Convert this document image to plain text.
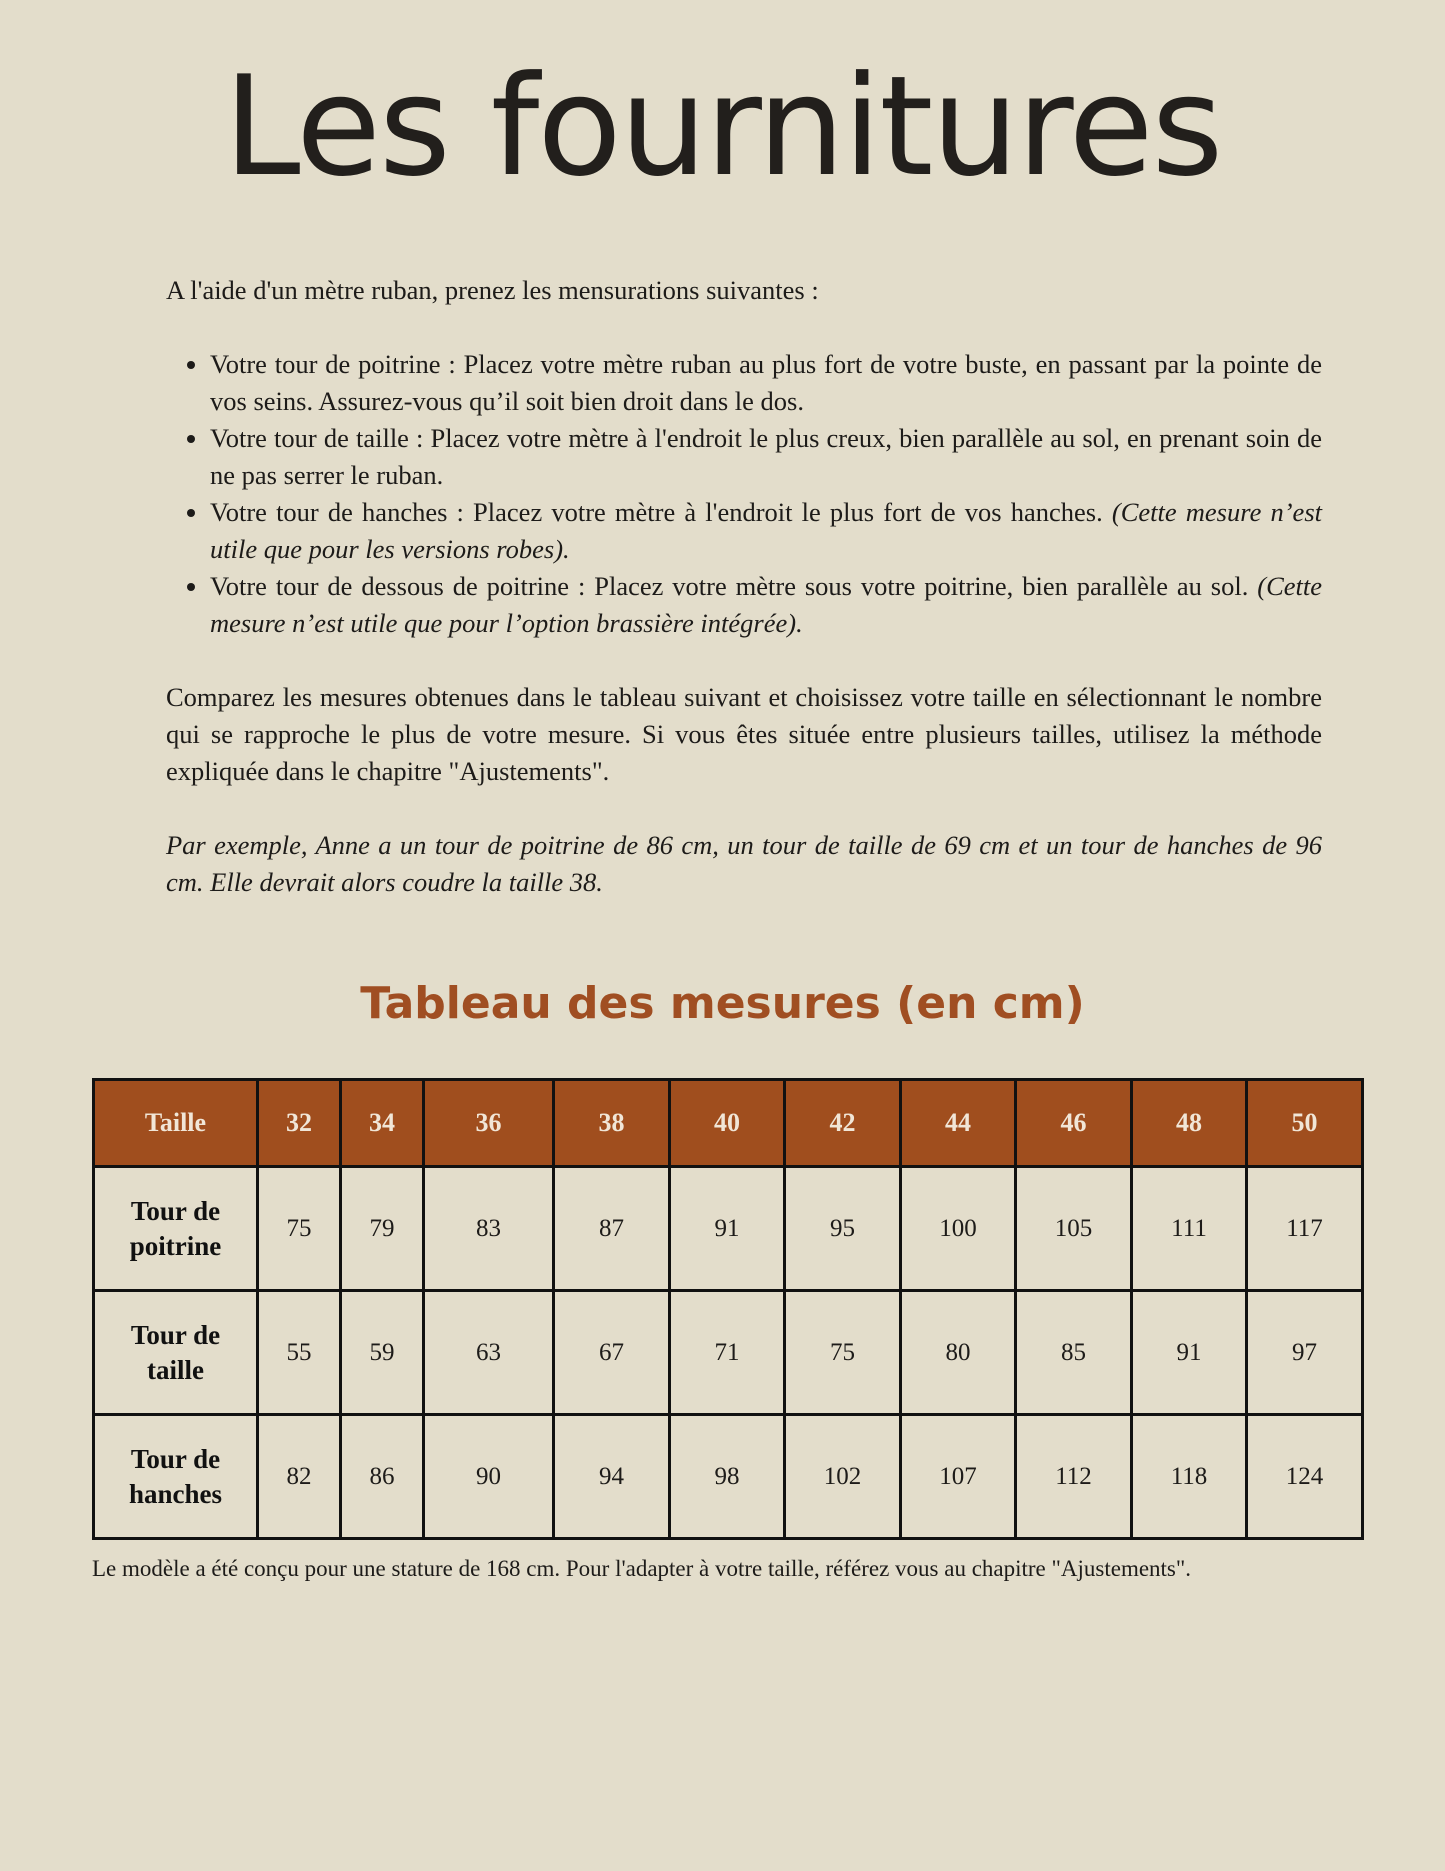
Les fournitures

A l'aide d'un mètre ruban, prenez les mensurations suivantes :

• Votre tour de poitrine : Placez votre mètre ruban au plus fort de votre buste, en passant par la pointe de vos seins. Assurez-vous qu’il soit bien droit dans le dos.
• Votre tour de taille : Placez votre mètre à l'endroit le plus creux, bien parallèle au sol, en prenant soin de ne pas serrer le ruban.
• Votre tour de hanches : Placez votre mètre à l'endroit le plus fort de vos hanches. (Cette mesure n’est utile que pour les versions robes).
• Votre tour de dessous de poitrine : Placez votre mètre sous votre poitrine, bien parallèle au sol. (Cette mesure n’est utile que pour l’option brassière intégrée).

Comparez les mesures obtenues dans le tableau suivant et choisissez votre taille en sélectionnant le nombre qui se rapproche le plus de votre mesure. Si vous êtes située entre plusieurs tailles, utilisez la méthode expliquée dans le chapitre "Ajustements".

Par exemple, Anne a un tour de poitrine de 86 cm, un tour de taille de 69 cm et un tour de hanches de 96 cm. Elle devrait alors coudre la taille 38.

Tableau des mesures (en cm)
Taille	32	34	36	38	40	42	44	46	48	50
Tour de
poitrine	75	79	83	87	91	95	100	105	111	117
Tour de
taille	55	59	63	67	71	75	80	85	91	97
Tour de
hanches	82	86	90	94	98	102	107	112	118	124

Le modèle a été conçu pour une stature de 168 cm. Pour l'adapter à votre taille, référez vous au chapitre "Ajustements".
